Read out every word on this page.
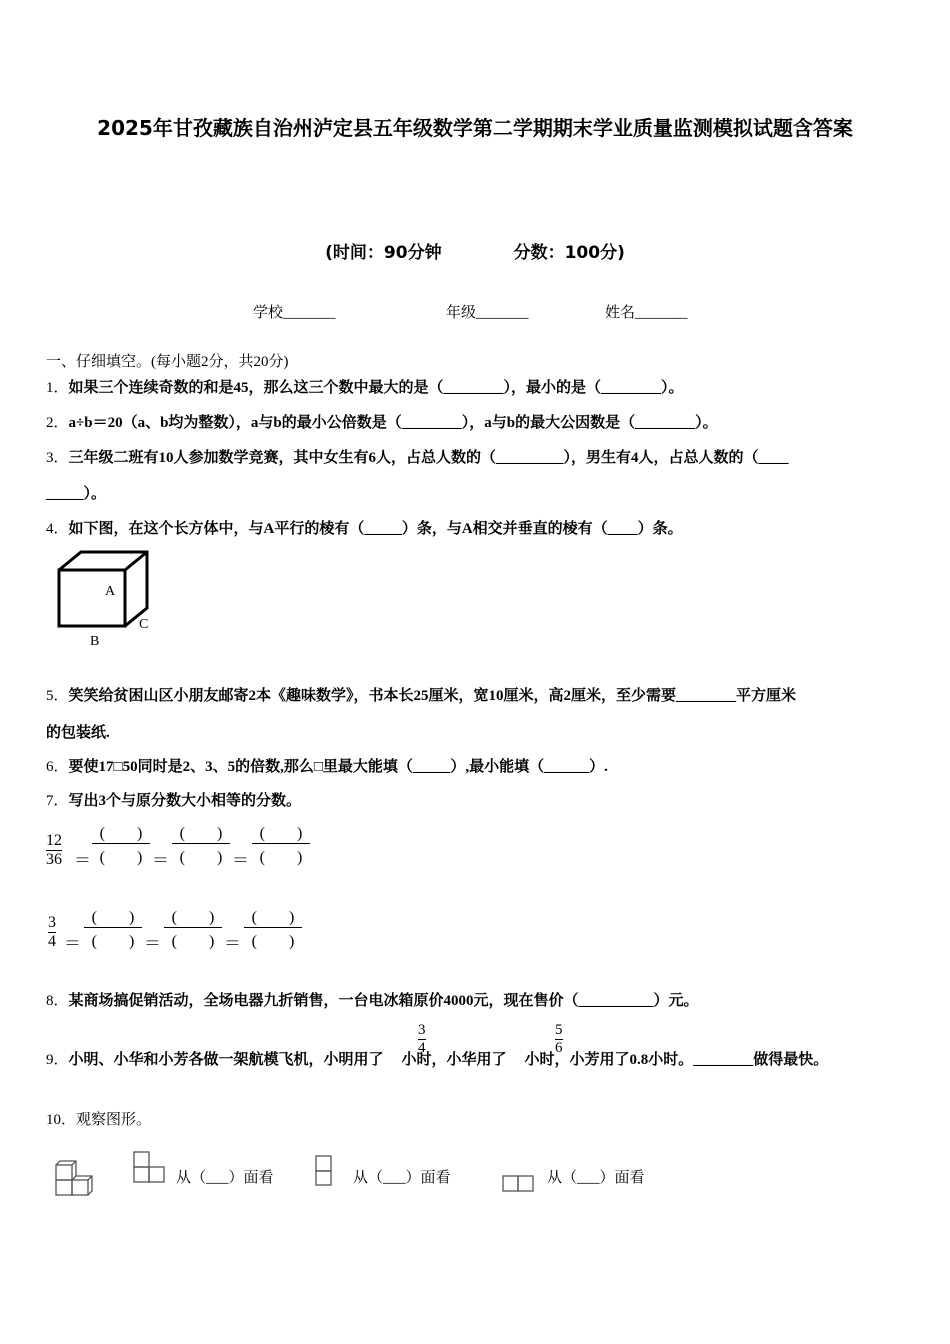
2025年甘孜藏族自治州泸定县五年级数学第二学期期末学业质量监测模拟试题含答案
(时间：90分钟	分数：100分)
学校_______	年级_______	姓名_______
一、仔细填空。(每小题2分，共20分)
1．如果三个连续奇数的和是45，那么这三个数中最大的是（________），最小的是（________）。
2．a÷b＝20（a、b均为整数），a与b的最小公倍数是（________），a与b的最大公因数是（________）。
3．三年级二班有10人参加数学竞赛，其中女生有6人，占总人数的（_________），男生有4人，占总人数的（____
_____）。
4．如下图，在这个长方体中，与A平行的棱有（_____）条，与A相交并垂直的棱有（____）条。
A
B
C
5．笑笑给贫困山区小朋友邮寄2本《趣味数学》，书本长25厘米，宽10厘米，高2厘米，至少需要________平方厘米
的包装纸.
6．要使17□50同时是2、3、5的倍数,那么□里最大能填（_____）,最小能填（______）.
7．写出3个与原分数大小相等的分数。
12
36 ＝
(　　)
(　　) ＝
(　　)
(　　) ＝
(　　)
(　　)
3
4 ＝
(　　)
(　　) ＝
(　　)
(　　) ＝
(　　)
(　　)
8．某商场搞促销活动，全场电器九折销售，一台电冰箱原价4000元，现在售价（__________）元。
9．小明、小华和小芳各做一架航模飞机，小明用了 小时，小华用了 小时，小芳用了0.8小时。________做得最快。
3
4
5
6
10．观察图形。
从（___）面看	从（___）面看	从（___）面看
